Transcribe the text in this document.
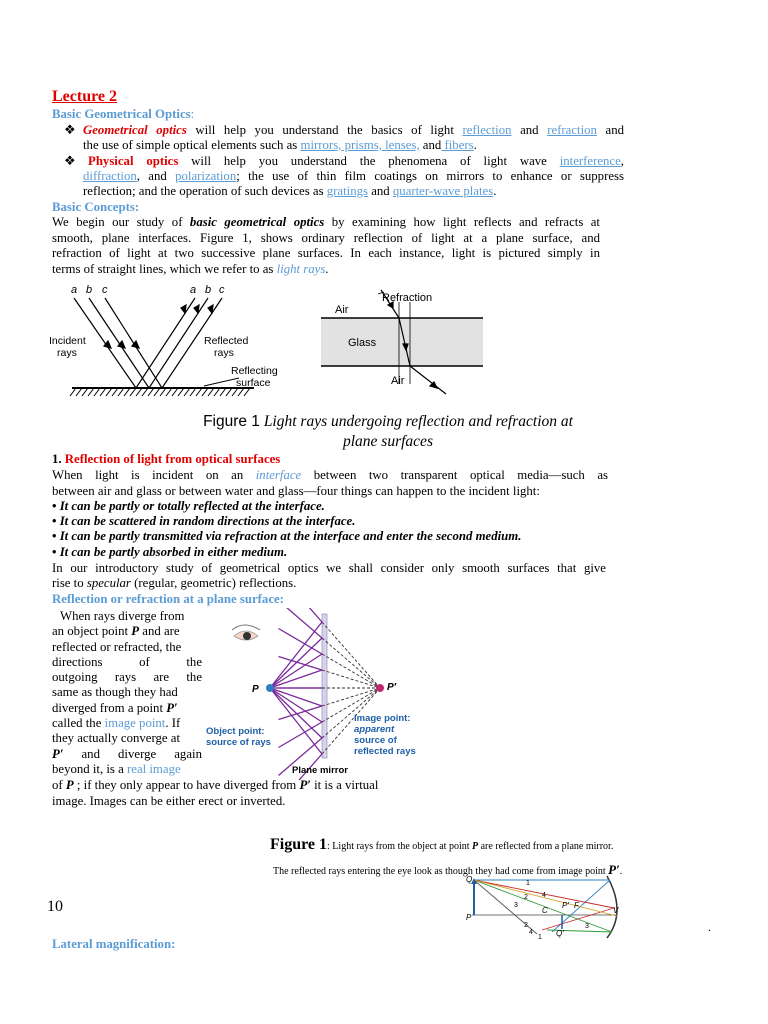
Lecture 2
Basic Geometrical Optics:
❖ Geometrical optics will help you understand the basics of light reflection and refraction and
the use of simple optical elements such as mirrors, prisms, lenses, and fibers.
❖ Physical optics will help you understand the phenomena of light wave interference,
diffraction, and polarization; the use of thin film coatings on mirrors to enhance or suppress
reflection; and the operation of such devices as gratings and quarter-wave plates.
Basic Concepts:
We begin our study of basic geometrical optics by examining how light reflects and refracts at
smooth, plane interfaces. Figure 1, shows ordinary reflection of light at a plane surface, and
refraction of light at two successive plane surfaces. In each instance, light is pictured simply in
terms of straight lines, which we refer to as light rays.
a b c	a b c
Incident
rays
Reflected
rays
Reflecting
surface
Refraction
Air
Glass
Air
Figure 1 Light rays undergoing reflection and refraction at
plane surfaces
1. Reflection of light from optical surfaces
When light is incident on an interface between two transparent optical media—such as
between air and glass or between water and glass—four things can happen to the incident light:
• It can be partly or totally reflected at the interface.
• It can be scattered in random directions at the interface.
• It can be partly transmitted via refraction at the interface and enter the second medium.
• It can be partly absorbed in either medium.
In our introductory study of geometrical optics we shall consider only smooth surfaces that give
rise to specular (regular, geometric) reflections.
Reflection or refraction at a plane surface:
When rays diverge from
an object point P and are
reflected or refracted, the
directions	of	the
outgoing rays are the
same as though they had
diverged from a point P′
called the image point. If
they actually converge at
P′ and diverge again
beyond it, is a real image
of P ; if they only appear to have diverged from P′ it is a virtual
image. Images can be either erect or inverted.
P	P′
Object point:
source of rays
Image point:
apparent
source of
reflected rays
Plane mirror
Figure 1: Light rays from the object at point P are reflected from a plane mirror.
The reflected rays entering the eye look as though they had come from image point P′.
10
Q
P
C
P′ F
V
Q′
1
2
3
4
1
2	3
4	.
Lateral magnification:
